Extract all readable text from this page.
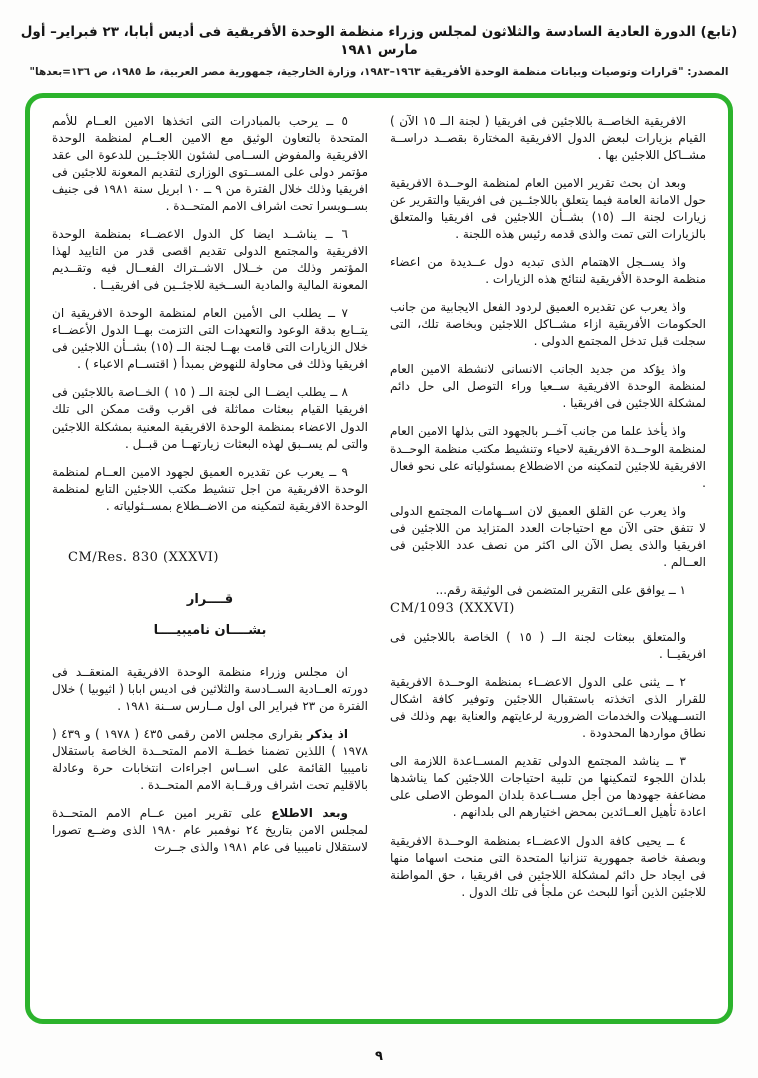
(تابع) الدورة العادية السادسة والثلاثون لمجلس وزراء منظمة الوحدة الأفريقية فى أديس أبابا، ٢٣ فبراير– أول مارس ١٩٨١
المصدر: "قرارات وتوصيات وبيانات منظمة الوحدة الأفريقية ١٩٦٣–١٩٨٣، وزارة الخارجية، جمهورية مصر العربية، ط ١٩٨٥، ص ١٣٦=بعدها"

الافريقية الخاصــة باللاجئين فى افريقيا ( لجنة الــ ١٥ الآن ) القيام بزيارات لبعض الدول الافريقية المختارة بقصــد دراســة مشــاكل اللاجئين بها .

وبعد ان بحث تقرير الامين العام لمنظمة الوحــدة الافريقية حول الامانة العامة فيما يتعلق باللاجئــين فى افريقيا والتقرير عن زيارات لجنة الــ (١٥) بشــأن اللاجئين فى افريقيا والمتعلق بالزيارات التى تمت والذى قدمه رئيس هذه اللجنة .

واذ يســجل الاهتمام الذى تبديه دول عــديدة من اعضاء منظمة الوحدة الأفريقية لنتائج هذه الزيارات .

واذ يعرب عن تقديره العميق لردود الفعل الايجابية من جانب الحكومات الأفريقية ازاء مشــاكل اللاجئين وبخاصة تلك، التى سجلت قبل تدخل المجتمع الدولى .

واذ يؤكد من جديد الجانب الانسانى لانشطة الامين العام لمنظمة الوحدة الافريقية ســعيا وراء التوصل الى حل دائم لمشكلة اللاجئين فى افريقيا .

واذ يأخذ علما من جانب آخــر بالجهود التى بذلها الامين العام لمنظمة الوحــدة الافريقية لاحياء وتنشيط مكتب منظمة الوحــدة الافريقية للاجئين لتمكينه من الاضطلاع بمسئولياته على نحو فعال .

واذ يعرب عن القلق العميق لان اســهامات المجتمع الدولى لا تتفق حتى الآن مع احتياجات العدد المتزايد من اللاجئين فى افريقيا والذى يصل الآن الى اكثر من نصف عدد اللاجئين فى العــالم .

١ ــ يوافق على التقرير المتضمن فى الوثيقة رقم...

CM/1093 (XXXVI)

والمتعلق ببعثات لجنة الــ ( ١٥ ) الخاصة باللاجئين فى افريقيــا .

٢ ــ يثنى على الدول الاعضــاء بمنظمة الوحــدة الافريقية للقرار الذى اتخذته باستقبال اللاجئين وتوفير كافة اشكال التســهيلات والخدمات الضرورية لرعايتهم والعناية بهم وذلك فى نطاق مواردها المحدودة .

٣ ــ يناشد المجتمع الدولى تقديم المســاعدة اللازمة الى بلدان اللجوء لتمكينها من تلبية احتياجات اللاجئين كما يناشدها مضاعفة جهودها من أجل مســاعدة بلدان الموطن الاصلى على اعادة تأهيل العــائدين بمحض اختيارهم الى بلدانهم .

٤ ــ يحيى كافة الدول الاعضــاء بمنظمة الوحــدة الافريقية وبصفة خاصة جمهورية تنزانيا المتحدة التى منحت اسهاما منها فى ايجاد حل دائم لمشكلة اللاجئين فى افريقيا ، حق المواطنة للاجئين الذين أتوا للبحث عن ملجأ فى تلك الدول .

٥ ــ يرحب بالمبادرات التى اتخذها الامين العــام للأمم المتحدة بالتعاون الوثيق مع الامين العــام لمنظمة الوحدة الافريقية والمفوض الســامى لشئون اللاجئــين للدعوة الى عقد مؤتمر دولى على المســتوى الوزارى لتقديم المعونة للاجئين فى افريقيا وذلك خلال الفترة من ٩ ــ ١٠ ابريل سنة ١٩٨١ فى جنيف بســويسرا تحت اشراف الامم المتحــدة .

٦ ــ يناشــد ايضا كل الدول الاعضــاء بمنظمة الوحدة الافريقية والمجتمع الدولى تقديم اقصى قدر من التاييد لهذا المؤتمر وذلك من خــلال الاشــتراك الفعــال فيه وتقــديم المعونة المالية والمادية الســخية للاجئــين فى افريقيــا .

٧ ــ يطلب الى الأمين العام لمنظمة الوحدة الافريقية ان يتــابع بدقة الوعود والتعهدات التى التزمت بهــا الدول الأعضــاء خلال الزيارات التى قامت بهــا لجنة الــ (١٥) بشــأن اللاجئين فى افريقيا وذلك فى محاولة للنهوض بمبدأ ( اقتســام الاعباء ) .

٨ ــ يطلب ايضــا الى لجنة الــ ( ١٥ ) الخــاصة باللاجئين فى افريقيا القيام ببعثات مماثلة فى اقرب وقت ممكن الى تلك الدول الاعضاء بمنظمة الوحدة الافريقية المعنية بمشكلة اللاجئين والتى لم يســبق لهذه البعثات زيارتهــا من قبــل .

٩ ــ يعرب عن تقديره العميق لجهود الامين العــام لمنظمة الوحدة الافريقية من اجل تنشيط مكتب اللاجئين التابع لمنظمة الوحدة الافريقية لتمكينه من الاضــطلاع بمســئولياته .

CM/Res. 830 (XXXVI)

قــــرار
بشــــان ناميبيــــا

ان مجلس وزراء منظمة الوحدة الافريقية المنعقــد فى دورته العــادية الســادسة والثلاثين فى اديس ابابا ( اثيوبيا ) خلال الفترة من ٢٣ فبراير الى اول مــارس ســنة ١٩٨١ .

اذ يذكر بقرارى مجلس الامن رقمى ٤٣٥ ( ١٩٧٨ ) و ٤٣٩ ( ١٩٧٨ ) اللذين تضمنا خطــة الامم المتحــدة الخاصة باستقلال ناميبيا القائمة على اســاس اجراءات انتخابات حرة وعادلة بالاقليم تحت اشراف ورقــابة الامم المتحــدة .

وبعد الاطلاع على تقرير امين عــام الامم المتحــدة لمجلس الامن بتاريخ ٢٤ نوفمبر عام ١٩٨٠ الذى وضــع تصورا لاستقلال ناميبيا فى عام ١٩٨١ والذى جــرت

٩
